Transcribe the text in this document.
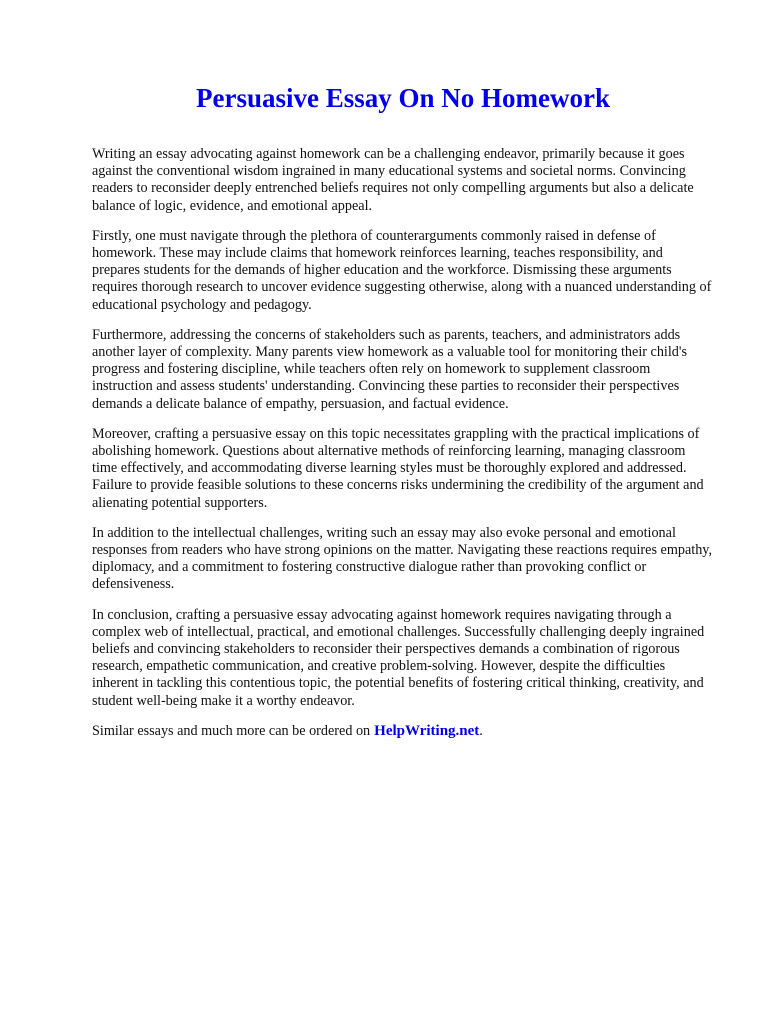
Persuasive Essay On No Homework

Writing an essay advocating against homework can be a challenging endeavor, primarily because it goes against the conventional wisdom ingrained in many educational systems and societal norms. Convincing readers to reconsider deeply entrenched beliefs requires not only compelling arguments but also a delicate balance of logic, evidence, and emotional appeal.

Firstly, one must navigate through the plethora of counterarguments commonly raised in defense of homework. These may include claims that homework reinforces learning, teaches responsibility, and prepares students for the demands of higher education and the workforce. Dismissing these arguments requires thorough research to uncover evidence suggesting otherwise, along with a nuanced understanding of educational psychology and pedagogy.

Furthermore, addressing the concerns of stakeholders such as parents, teachers, and administrators adds another layer of complexity. Many parents view homework as a valuable tool for monitoring their child's progress and fostering discipline, while teachers often rely on homework to supplement classroom instruction and assess students' understanding. Convincing these parties to reconsider their perspectives demands a delicate balance of empathy, persuasion, and factual evidence.

Moreover, crafting a persuasive essay on this topic necessitates grappling with the practical implications of abolishing homework. Questions about alternative methods of reinforcing learning, managing classroom time effectively, and accommodating diverse learning styles must be thoroughly explored and addressed. Failure to provide feasible solutions to these concerns risks undermining the credibility of the argument and alienating potential supporters.

In addition to the intellectual challenges, writing such an essay may also evoke personal and emotional responses from readers who have strong opinions on the matter. Navigating these reactions requires empathy, diplomacy, and a commitment to fostering constructive dialogue rather than provoking conflict or defensiveness.

In conclusion, crafting a persuasive essay advocating against homework requires navigating through a complex web of intellectual, practical, and emotional challenges. Successfully challenging deeply ingrained beliefs and convincing stakeholders to reconsider their perspectives demands a combination of rigorous research, empathetic communication, and creative problem-solving. However, despite the difficulties inherent in tackling this contentious topic, the potential benefits of fostering critical thinking, creativity, and student well-being make it a worthy endeavor.

Similar essays and much more can be ordered on HelpWriting.net.
